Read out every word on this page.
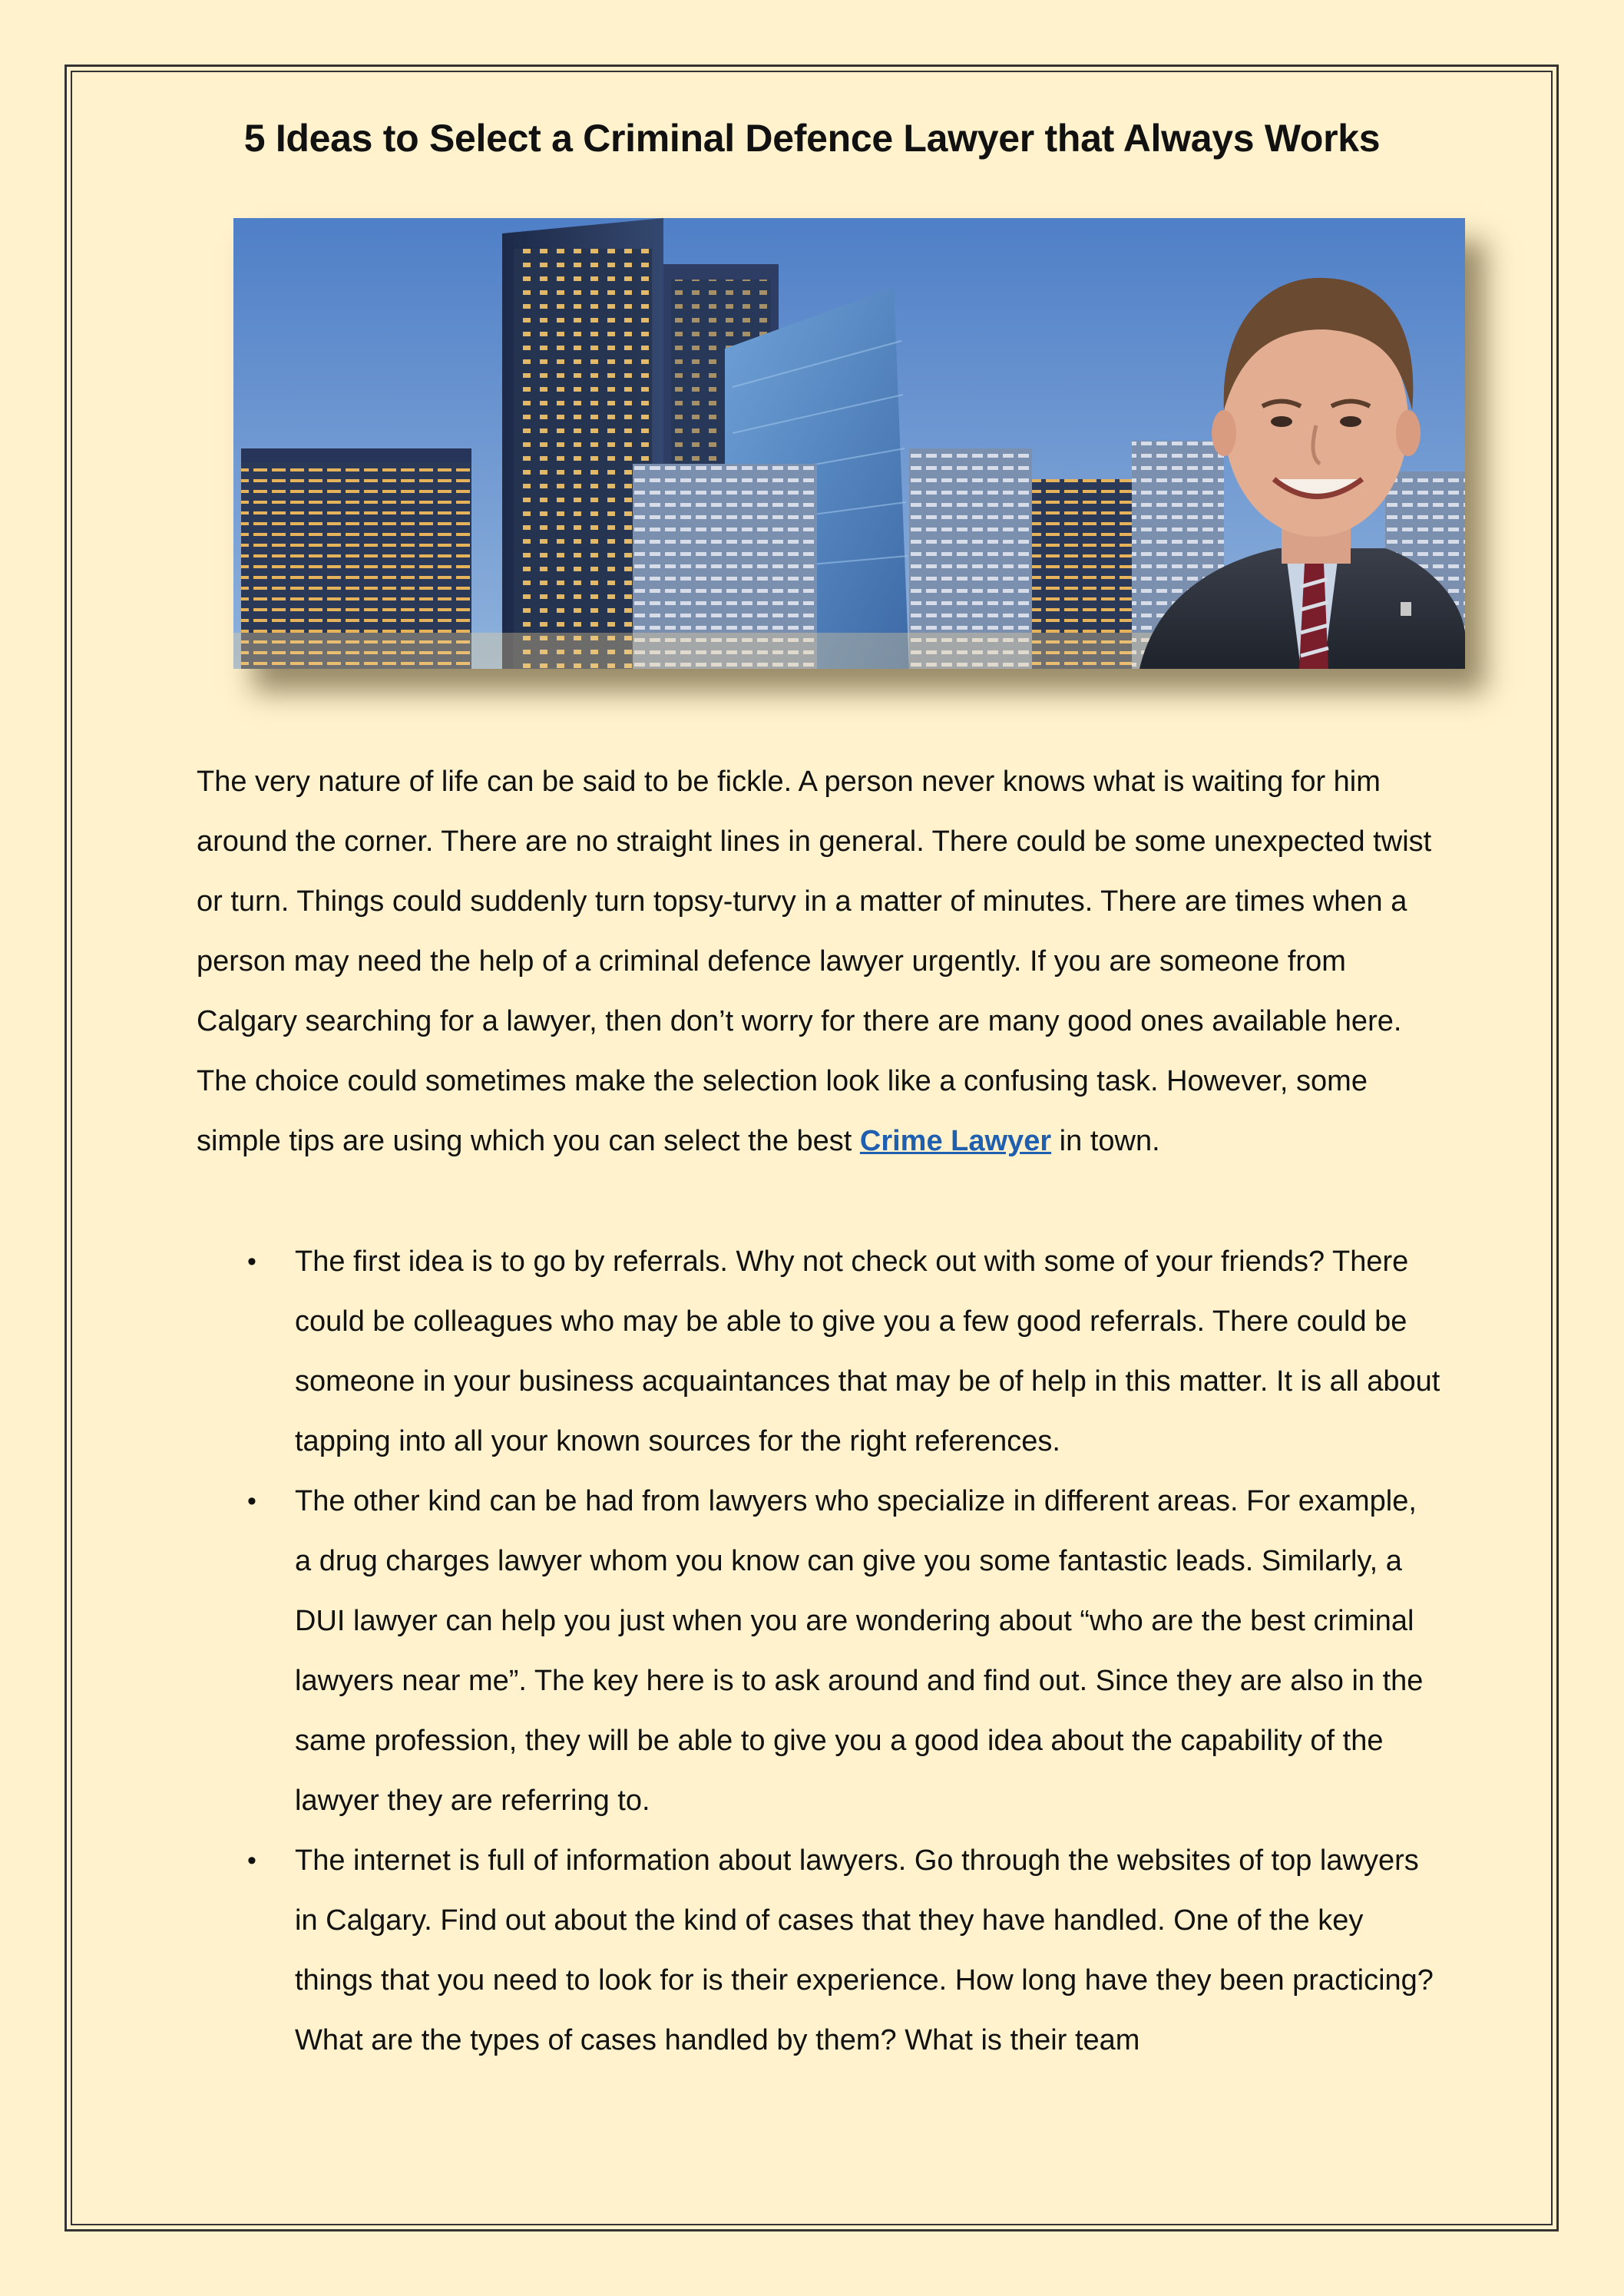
5 Ideas to Select a Criminal Defence Lawyer that Always Works

The very nature of life can be said to be fickle. A person never knows what is waiting for him around the corner. There are no straight lines in general. There could be some unexpected twist or turn. Things could suddenly turn topsy-turvy in a matter of minutes. There are times when a person may need the help of a criminal defence lawyer urgently. If you are someone from Calgary searching for a lawyer, then don’t worry for there are many good ones available here. The choice could sometimes make the selection look like a confusing task. However, some simple tips are using which you can select the best Crime Lawyer in town.

• The first idea is to go by referrals. Why not check out with some of your friends? There could be colleagues who may be able to give you a few good referrals. There could be someone in your business acquaintances that may be of help in this matter. It is all about tapping into all your known sources for the right references.
• The other kind can be had from lawyers who specialize in different areas. For example, a drug charges lawyer whom you know can give you some fantastic leads. Similarly, a DUI lawyer can help you just when you are wondering about “who are the best criminal lawyers near me”. The key here is to ask around and find out. Since they are also in the same profession, they will be able to give you a good idea about the capability of the lawyer they are referring to.
• The internet is full of information about lawyers. Go through the websites of top lawyers in Calgary. Find out about the kind of cases that they have handled. One of the key things that you need to look for is their experience. How long have they been practicing? What are the types of cases handled by them? What is their team
